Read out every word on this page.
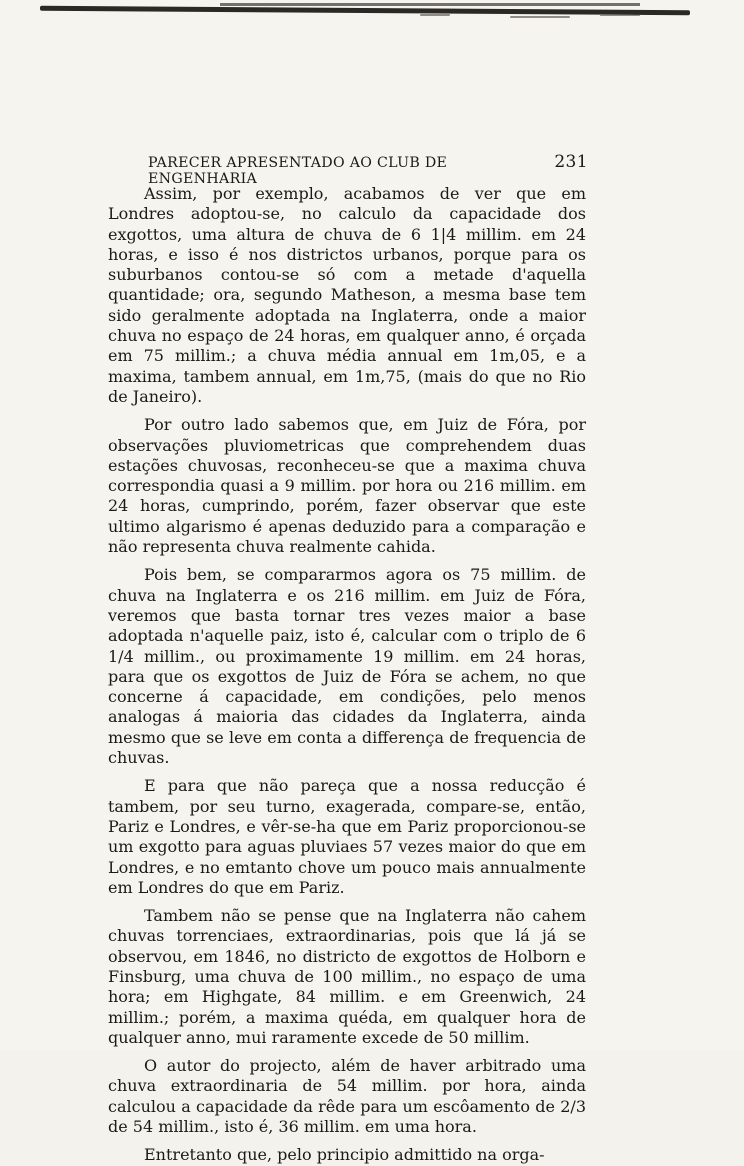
PARECER APRESENTADO AO CLUB DE ENGENHARIA
231

Assim, por exemplo, acabamos de ver que em Londres adoptou-se, no calculo da capacidade dos exgottos, uma altura de chuva de 6 1|4 millim. em 24 horas, e isso é nos districtos urbanos, porque para os suburbanos contou-se só com a metade d'aquella quantidade; ora, segundo Matheson, a mesma base tem sido geralmente adoptada na Inglaterra, onde a maior chuva no espaço de 24 horas, em qualquer anno, é orçada em 75 millim.; a chuva média annual em 1m,05, e a maxima, tambem annual, em 1m,75, (mais do que no Rio de Janeiro).

Por outro lado sabemos que, em Juiz de Fóra, por observações pluviometricas que comprehendem duas estações chuvosas, reconheceu-se que a maxima chuva correspondia quasi a 9 millim. por hora ou 216 millim. em 24 horas, cumprindo, porém, fazer observar que este ultimo algarismo é apenas deduzido para a comparação e não representa chuva realmente cahida.

Pois bem, se compararmos agora os 75 millim. de chuva na Inglaterra e os 216 millim. em Juiz de Fóra, veremos que basta tornar tres vezes maior a base adoptada n'aquelle paiz, isto é, calcular com o triplo de 6 1/4 millim., ou proximamente 19 millim. em 24 horas, para que os exgottos de Juiz de Fóra se achem, no que concerne á capacidade, em condições, pelo menos analogas á maioria das cidades da Inglaterra, ainda mesmo que se leve em conta a differença de frequencia de chuvas.

E para que não pareça que a nossa reducção é tambem, por seu turno, exagerada, compare-se, então, Pariz e Londres, e vêr-se-ha que em Pariz proporcionou-se um exgotto para aguas pluviaes 57 vezes maior do que em Londres, e no emtanto chove um pouco mais annualmente em Londres do que em Pariz.

Tambem não se pense que na Inglaterra não cahem chuvas torrenciaes, extraordinarias, pois que lá já se observou, em 1846, no districto de exgottos de Holborn e Finsburg, uma chuva de 100 millim., no espaço de uma hora; em Highgate, 84 millim. e em Greenwich, 24 millim.; porém, a maxima quéda, em qualquer hora de qualquer anno, mui raramente excede de 50 millim.

O autor do projecto, além de haver arbitrado uma chuva extraordinaria de 54 millim. por hora, ainda calculou a capacidade da rêde para um escôamento de 2/3 de 54 millim., isto é, 36 millim. em uma hora.

Entretanto que, pelo principio admittido na orga-
